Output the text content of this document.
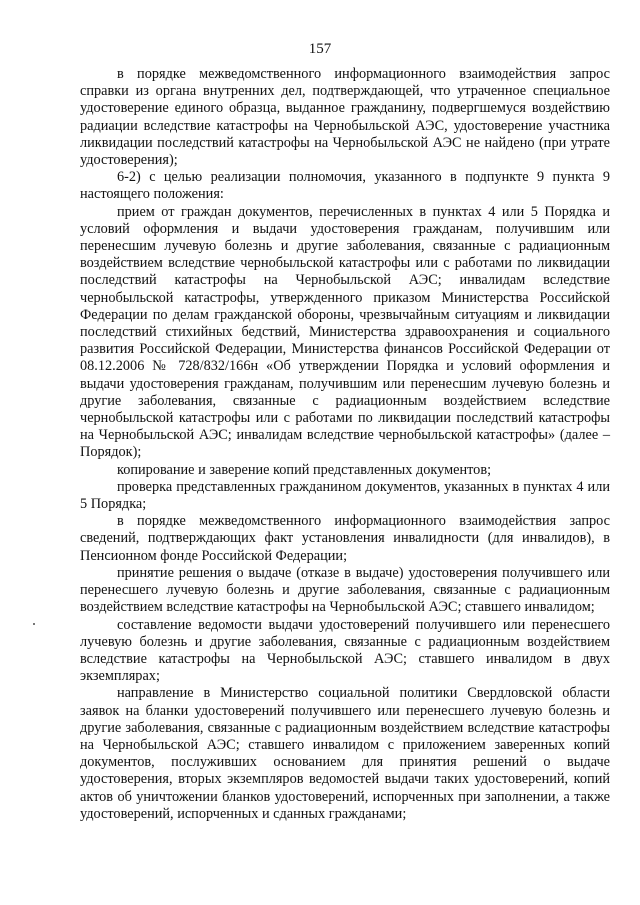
157

в порядке межведомственного информационного взаимодействия запрос справки из органа внутренних дел, подтверждающей, что утраченное специальное удостоверение единого образца, выданное гражданину, подвергшемуся воздействию радиации вследствие катастрофы на Чернобыльской АЭС, удостоверение участника ликвидации последствий катастрофы на Чернобыльской АЭС не найдено (при утрате удостоверения);

6-2) с целью реализации полномочия, указанного в подпункте 9 пункта 9 настоящего положения:

прием от граждан документов, перечисленных в пунктах 4 или 5 Порядка и условий оформления и выдачи удостоверения гражданам, получившим или перенесшим лучевую болезнь и другие заболевания, связанные с радиационным воздействием вследствие чернобыльской катастрофы или с работами по ликвидации последствий катастрофы на Чернобыльской АЭС; инвалидам вследствие чернобыльской катастрофы, утвержденного приказом Министерства Российской Федерации по делам гражданской обороны, чрезвычайным ситуациям и ликвидации последствий стихийных бедствий, Министерства здравоохранения и социального развития Российской Федерации, Министерства финансов Российской Федерации от 08.12.2006 № 728/832/166н «Об утверждении Порядка и условий оформления и выдачи удостоверения гражданам, получившим или перенесшим лучевую болезнь и другие заболевания, связанные с радиационным воздействием вследствие чернобыльской катастрофы или с работами по ликвидации последствий катастрофы на Чернобыльской АЭС; инвалидам вследствие чернобыльской катастрофы» (далее – Порядок);

копирование и заверение копий представленных документов;

проверка представленных гражданином документов, указанных в пунктах 4 или 5 Порядка;

в порядке межведомственного информационного взаимодействия запрос сведений, подтверждающих факт установления инвалидности (для инвалидов), в Пенсионном фонде Российской Федерации;

принятие решения о выдаче (отказе в выдаче) удостоверения получившего или перенесшего лучевую болезнь и другие заболевания, связанные с радиационным воздействием вследствие катастрофы на Чернобыльской АЭС; ставшего инвалидом;

составление ведомости выдачи удостоверений получившего или перенесшего лучевую болезнь и другие заболевания, связанные с радиационным воздействием вследствие катастрофы на Чернобыльской АЭС; ставшего инвалидом в двух экземплярах;

направление в Министерство социальной политики Свердловской области заявок на бланки удостоверений получившего или перенесшего лучевую болезнь и другие заболевания, связанные с радиационным воздействием вследствие катастрофы на Чернобыльской АЭС; ставшего инвалидом с приложением заверенных копий документов, послуживших основанием для принятия решений о выдаче удостоверения, вторых экземпляров ведомостей выдачи таких удостоверений, копий актов об уничтожении бланков удостоверений, испорченных при заполнении, а также удостоверений, испорченных и сданных гражданами;
